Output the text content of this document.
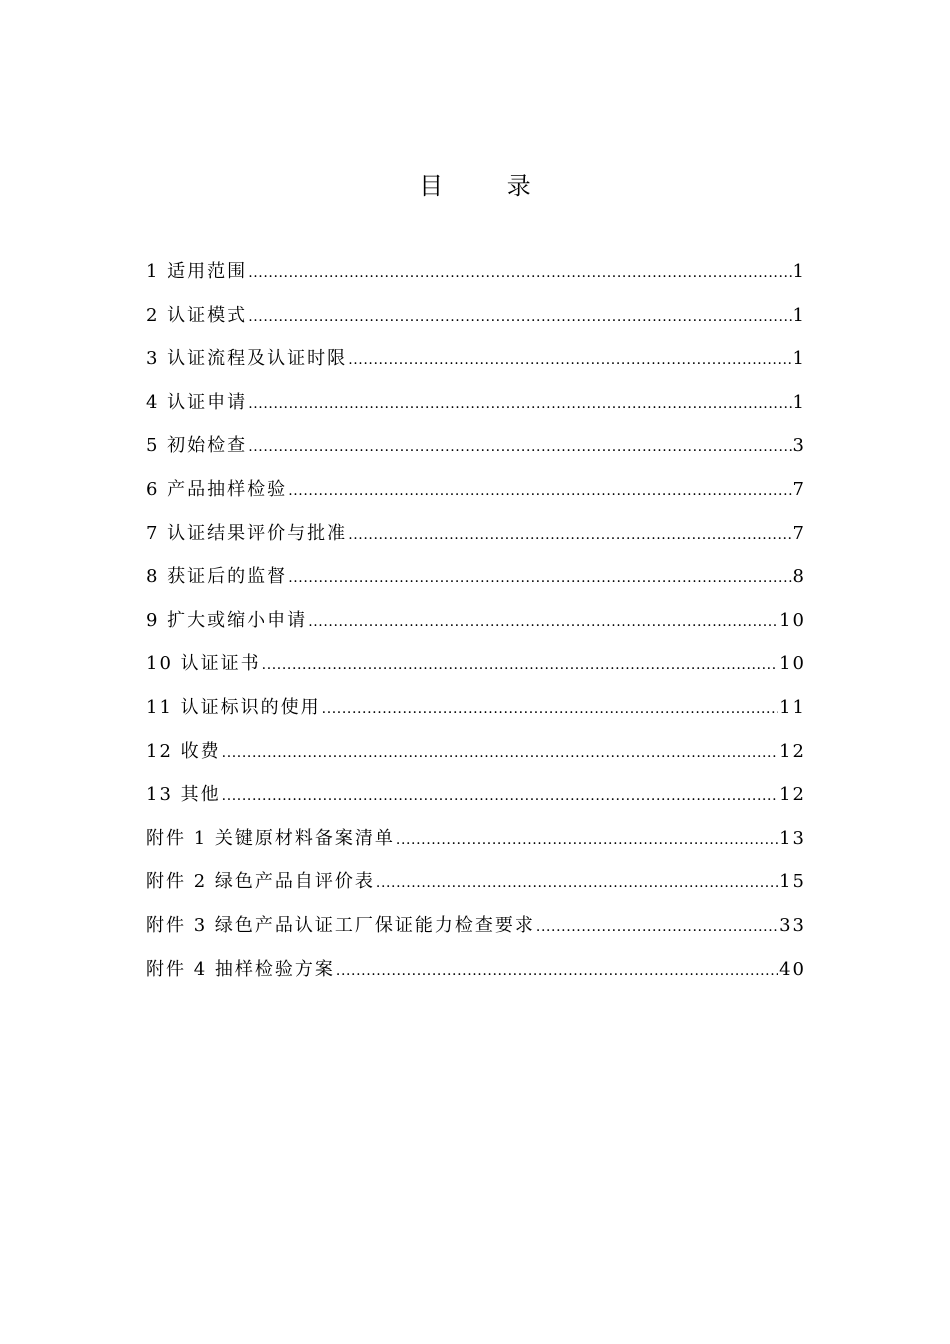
目 录
1 适用范围 .....	1
2 认证模式 .....	1
3 认证流程及认证时限 .....	1
4 认证申请 .....	1
5 初始检查 .....	3
6 产品抽样检验 .....	7
7 认证结果评价与批准 .....	7
8 获证后的监督 .....	8
9 扩大或缩小申请 .....	10
10 认证证书 .....	10
11 认证标识的使用 .....	11
12 收费 .....	12
13 其他 .....	12
附件 1 关键原材料备案清单 .....	13
附件 2 绿色产品自评价表 .....	15
附件 3 绿色产品认证工厂保证能力检查要求 .....	33
附件 4 抽样检验方案 .....	40
